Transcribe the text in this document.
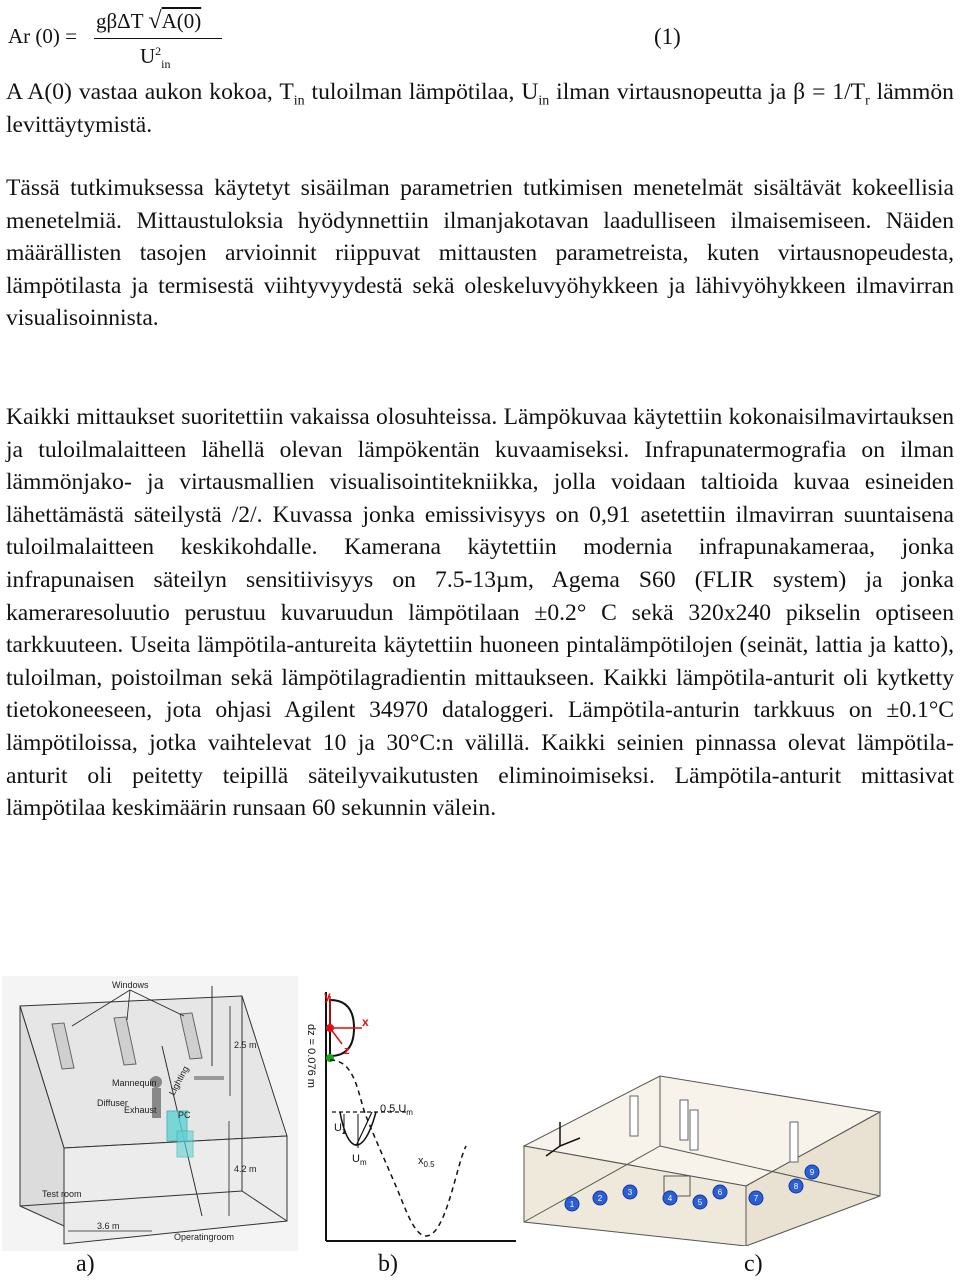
Ar (0) =
gβΔT √A(0)
$U^2_{in}$
(1)

A A(0) vastaa aukon kokoa, $T_{in}$ tuloilman lämpötilaa, $U_{in}$ ilman virtausnopeutta ja $\beta = 1/T_r$ lämmön levittäytymistä.

Tässä tutkimuksessa käytetyt sisäilman parametrien tutkimisen menetelmät sisältävät kokeellisia menetelmiä. Mittaustuloksia hyödynnettiin ilmanjakotavan laadulliseen ilmaisemiseen. Näiden määrällisten tasojen arvioinnit riippuvat mittausten parametreista, kuten virtausnopeudesta, lämpötilasta ja termisestä viihtyvyydestä sekä oleskeluvyöhykkeen ja lähivyöhykkeen ilmavirran visualisoinnista.

Kaikki mittaukset suoritettiin vakaissa olosuhteissa. Lämpökuvaa käytettiin kokonaisilmavirtauksen ja tuloilmalaitteen lähellä olevan lämpökentän kuvaamiseksi. Infrapunatermografia on ilman lämmönjako- ja virtausmallien visualisointitekniikka, jolla voidaan taltioida kuvaa esineiden lähettämästä säteilystä /2/. Kuvassa jonka emissivisyys on 0,91 asetettiin ilmavirran suuntaisena tuloilmalaitteen keskikohdalle. Kamerana käytettiin modernia infrapunakameraa, jonka infrapunaisen säteilyn sensitiivisyys on 7.5-13µm, Agema S60 (FLIR system) ja jonka kameraresoluutio perustuu kuvaruudun lämpötilaan ±0.2° C sekä 320x240 pikselin optiseen tarkkuuteen. Useita lämpötila-antureita käytettiin huoneen pintalämpötilojen (seinät, lattia ja katto), tuloilman, poistoilman sekä lämpötilagradientin mittaukseen. Kaikki lämpötila-anturit oli kytketty tietokoneeseen, jota ohjasi Agilent 34970 dataloggeri. Lämpötila-anturin tarkkuus on ±0.1°C lämpötiloissa, jotka vaihtelevat 10 ja 30°C:n välillä. Kaikki seinien pinnassa olevat lämpötila-anturit oli peitetty teipillä säteilyvaikutusten eliminoimiseksi. Lämpötila-anturit mittasivat lämpötilaa keskimäärin runsaan 60 sekunnin välein.

Windows
2.5 m
Lighting
Mannequin
Diffuser
Exhaust PC
4.2 m
Test room
3.6 m
Operatingroom
y
x
z
dz = 0.076 m
0.5 $U_m$
$U_z$
$U_m$	$x_{0.5}$
1
2
3
4	5
6
7
8
9
a)	b)	c)
